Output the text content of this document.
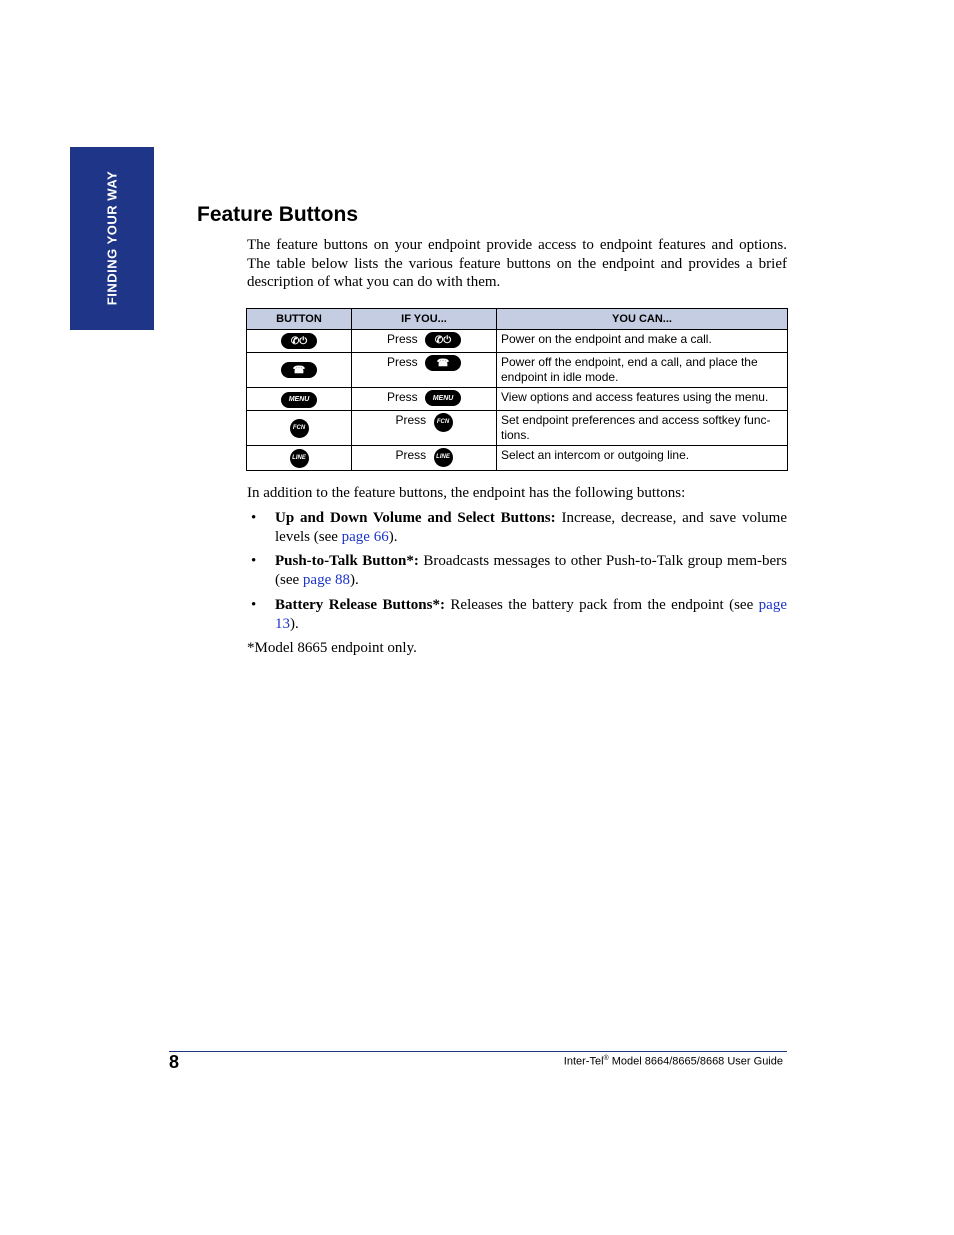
FINDING YOUR WAY	Feature Buttons

The feature buttons on your endpoint provide access to endpoint features and options. The table below lists the various feature buttons on the endpoint and provides a brief description of what you can do with them.

BUTTON	IF YOU...	YOU CAN...
✆⏻	Press ✆⏻	Power on the endpoint and make a call.
☎	Press ☎	Power off the endpoint, end a call, and place the endpoint in idle mode.
MENU	Press MENU	View options and access features using the menu.
FCN	Press FCN	Set endpoint preferences and access softkey func-tions.
LINE	Press LINE	Select an intercom or outgoing line.

In addition to the feature buttons, the endpoint has the following buttons:

• Up and Down Volume and Select Buttons: Increase, decrease, and save volume levels (see page 66).
• Push-to-Talk Button*: Broadcasts messages to other Push-to-Talk group mem-bers (see page 88).
• Battery Release Buttons*: Releases the battery pack from the endpoint (see page 13).

*Model 8665 endpoint only.

8	Inter-Tel® Model 8664/8665/8668 User Guide
